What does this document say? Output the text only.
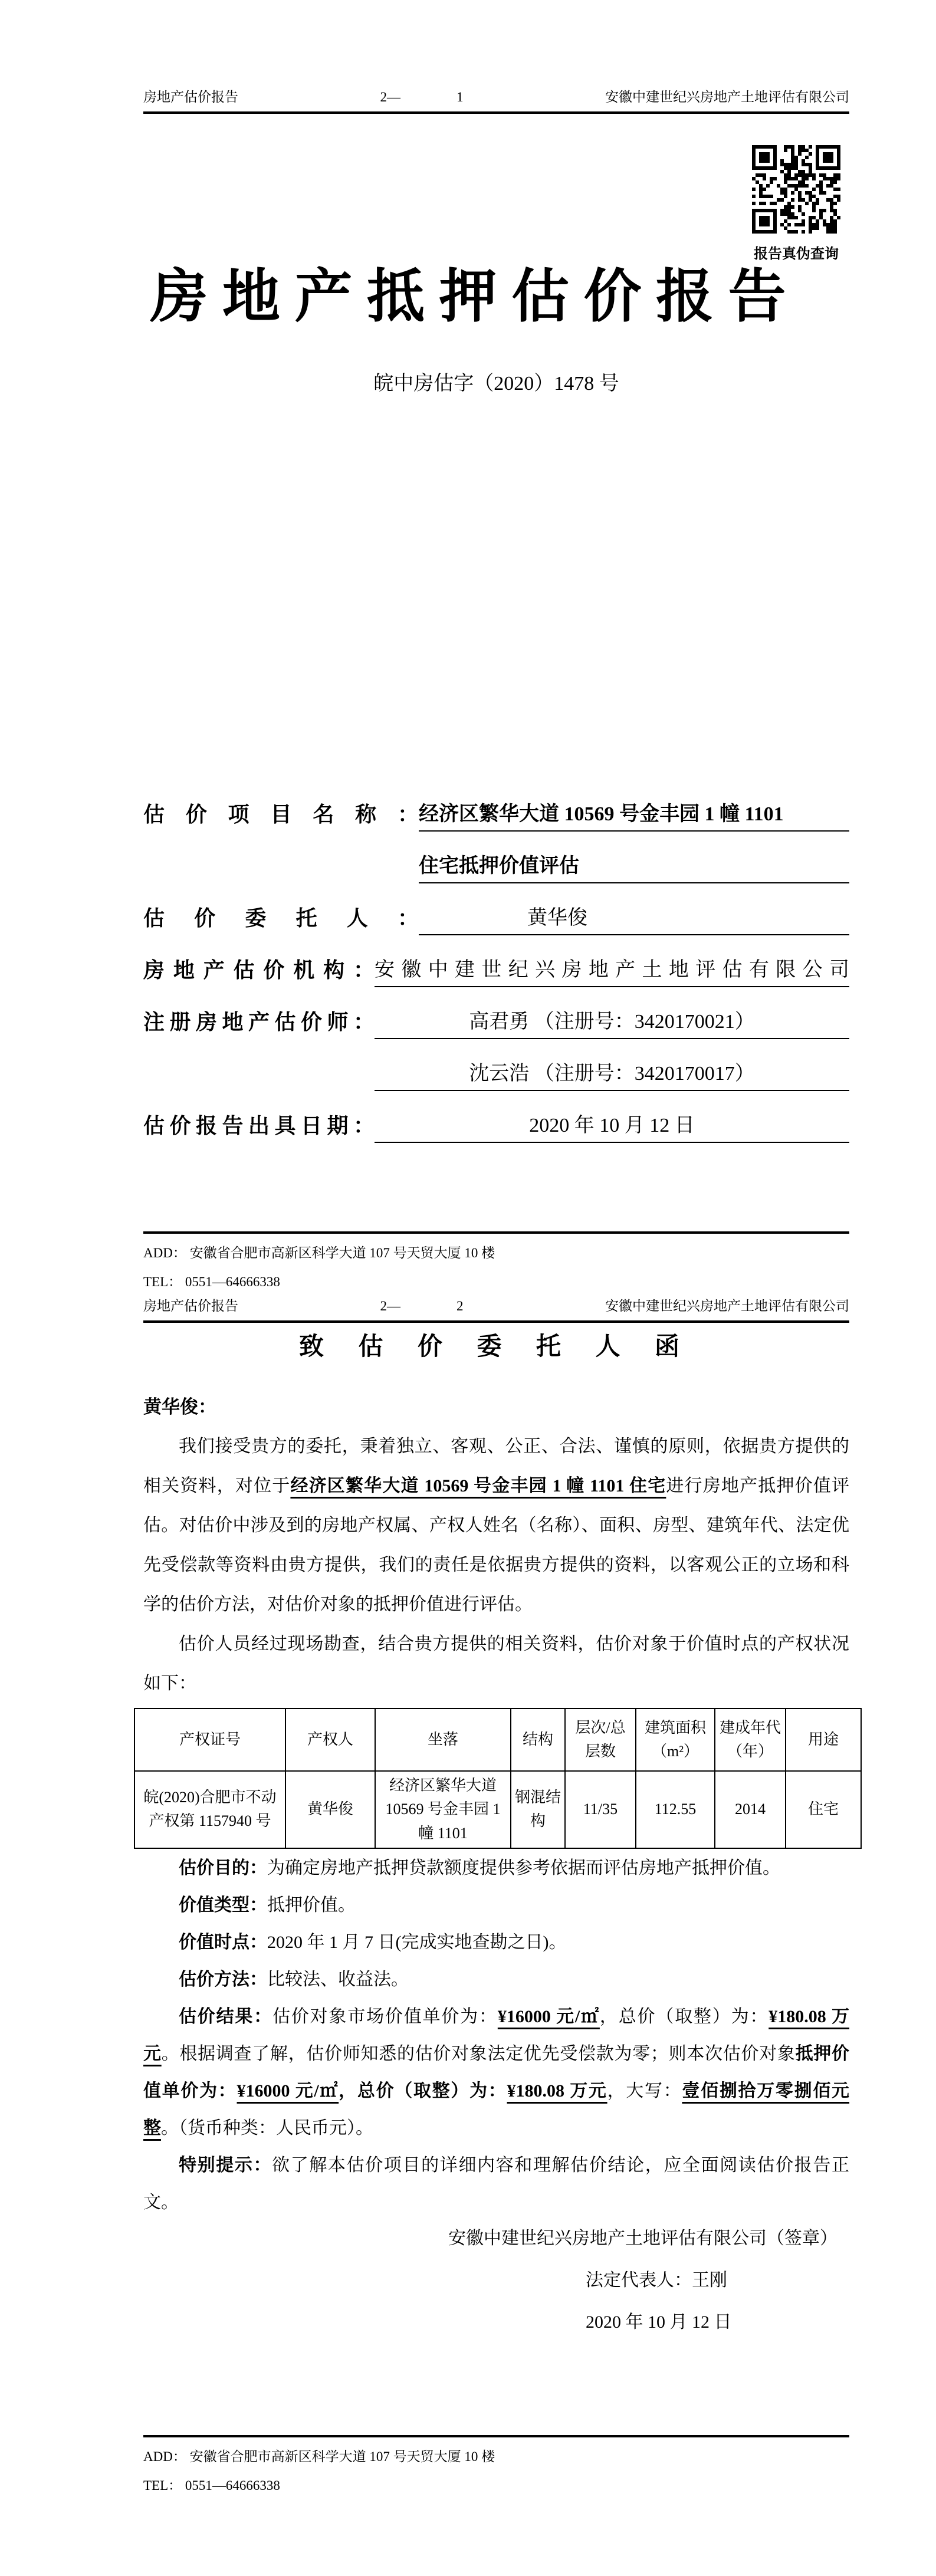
房地产估价报告	2—	1	安徽中建世纪兴房地产土地评估有限公司
报告真伪查询
房 地 产 抵 押 估 价 报 告
皖中房估字（2020）1478 号
估价项目名称： 经济区繁华大道 10569 号金丰园 1 幢 1101
住宅抵押价值评估
估价委托人：	黄华俊
房地产估价机构： 安徽中建世纪兴房地产土地评估有限公司
注册房地产估价师：	高君勇 （注册号：3420170021）
沈云浩 （注册号：3420170017）
估价报告出具日期：	2020 年 10 月 12 日
ADD： 安徽省合肥市高新区科学大道 107 号天贸大厦 10 楼
TEL： 0551—64666338
房地产估价报告	2—	2	安徽中建世纪兴房地产土地评估有限公司
致 估 价 委 托 人 函
黄华俊：

我们接受贵方的委托，秉着独立、客观、公正、合法、谨慎的原则，依据贵方提供的相关资料，对位于经济区繁华大道 10569 号金丰园 1 幢 1101 住宅进行房地产抵押价值评估。对估价中涉及到的房地产权属、产权人姓名（名称）、面积、房型、建筑年代、法定优先受偿款等资料由贵方提供，我们的责任是依据贵方提供的资料，以客观公正的立场和科学的估价方法，对估价对象的抵押价值进行评估。

估价人员经过现场勘查，结合贵方提供的相关资料，估价对象于价值时点的产权状况如下：

产权证号	产权人	坐落	结构	层次/总层数	建筑面积（m²）	建成年代（年）	用途
皖(2020)合肥市不动产权第 1157940 号	黄华俊	经济区繁华大道 10569 号金丰园 1 幢 1101	钢混结构	11/35	112.55	2014	住宅

估价目的：为确定房地产抵押贷款额度提供参考依据而评估房地产抵押价值。

价值类型：抵押价值。

价值时点：2020 年 1 月 7 日(完成实地查勘之日)。

估价方法：比较法、收益法。

估价结果：估价对象市场价值单价为：¥16000 元/㎡，总价（取整）为：¥180.08 万元。根据调查了解，估价师知悉的估价对象法定优先受偿款为零；则本次估价对象抵押价值单价为：¥16000 元/㎡，总价（取整）为：¥180.08 万元，大写：壹佰捌拾万零捌佰元整。（货币种类：人民币元）。

特别提示：欲了解本估价项目的详细内容和理解估价结论，应全面阅读估价报告正文。

安徽中建世纪兴房地产土地评估有限公司（签章）
法定代表人：王刚
2020 年 10 月 12 日
ADD： 安徽省合肥市高新区科学大道 107 号天贸大厦 10 楼
TEL： 0551—64666338
